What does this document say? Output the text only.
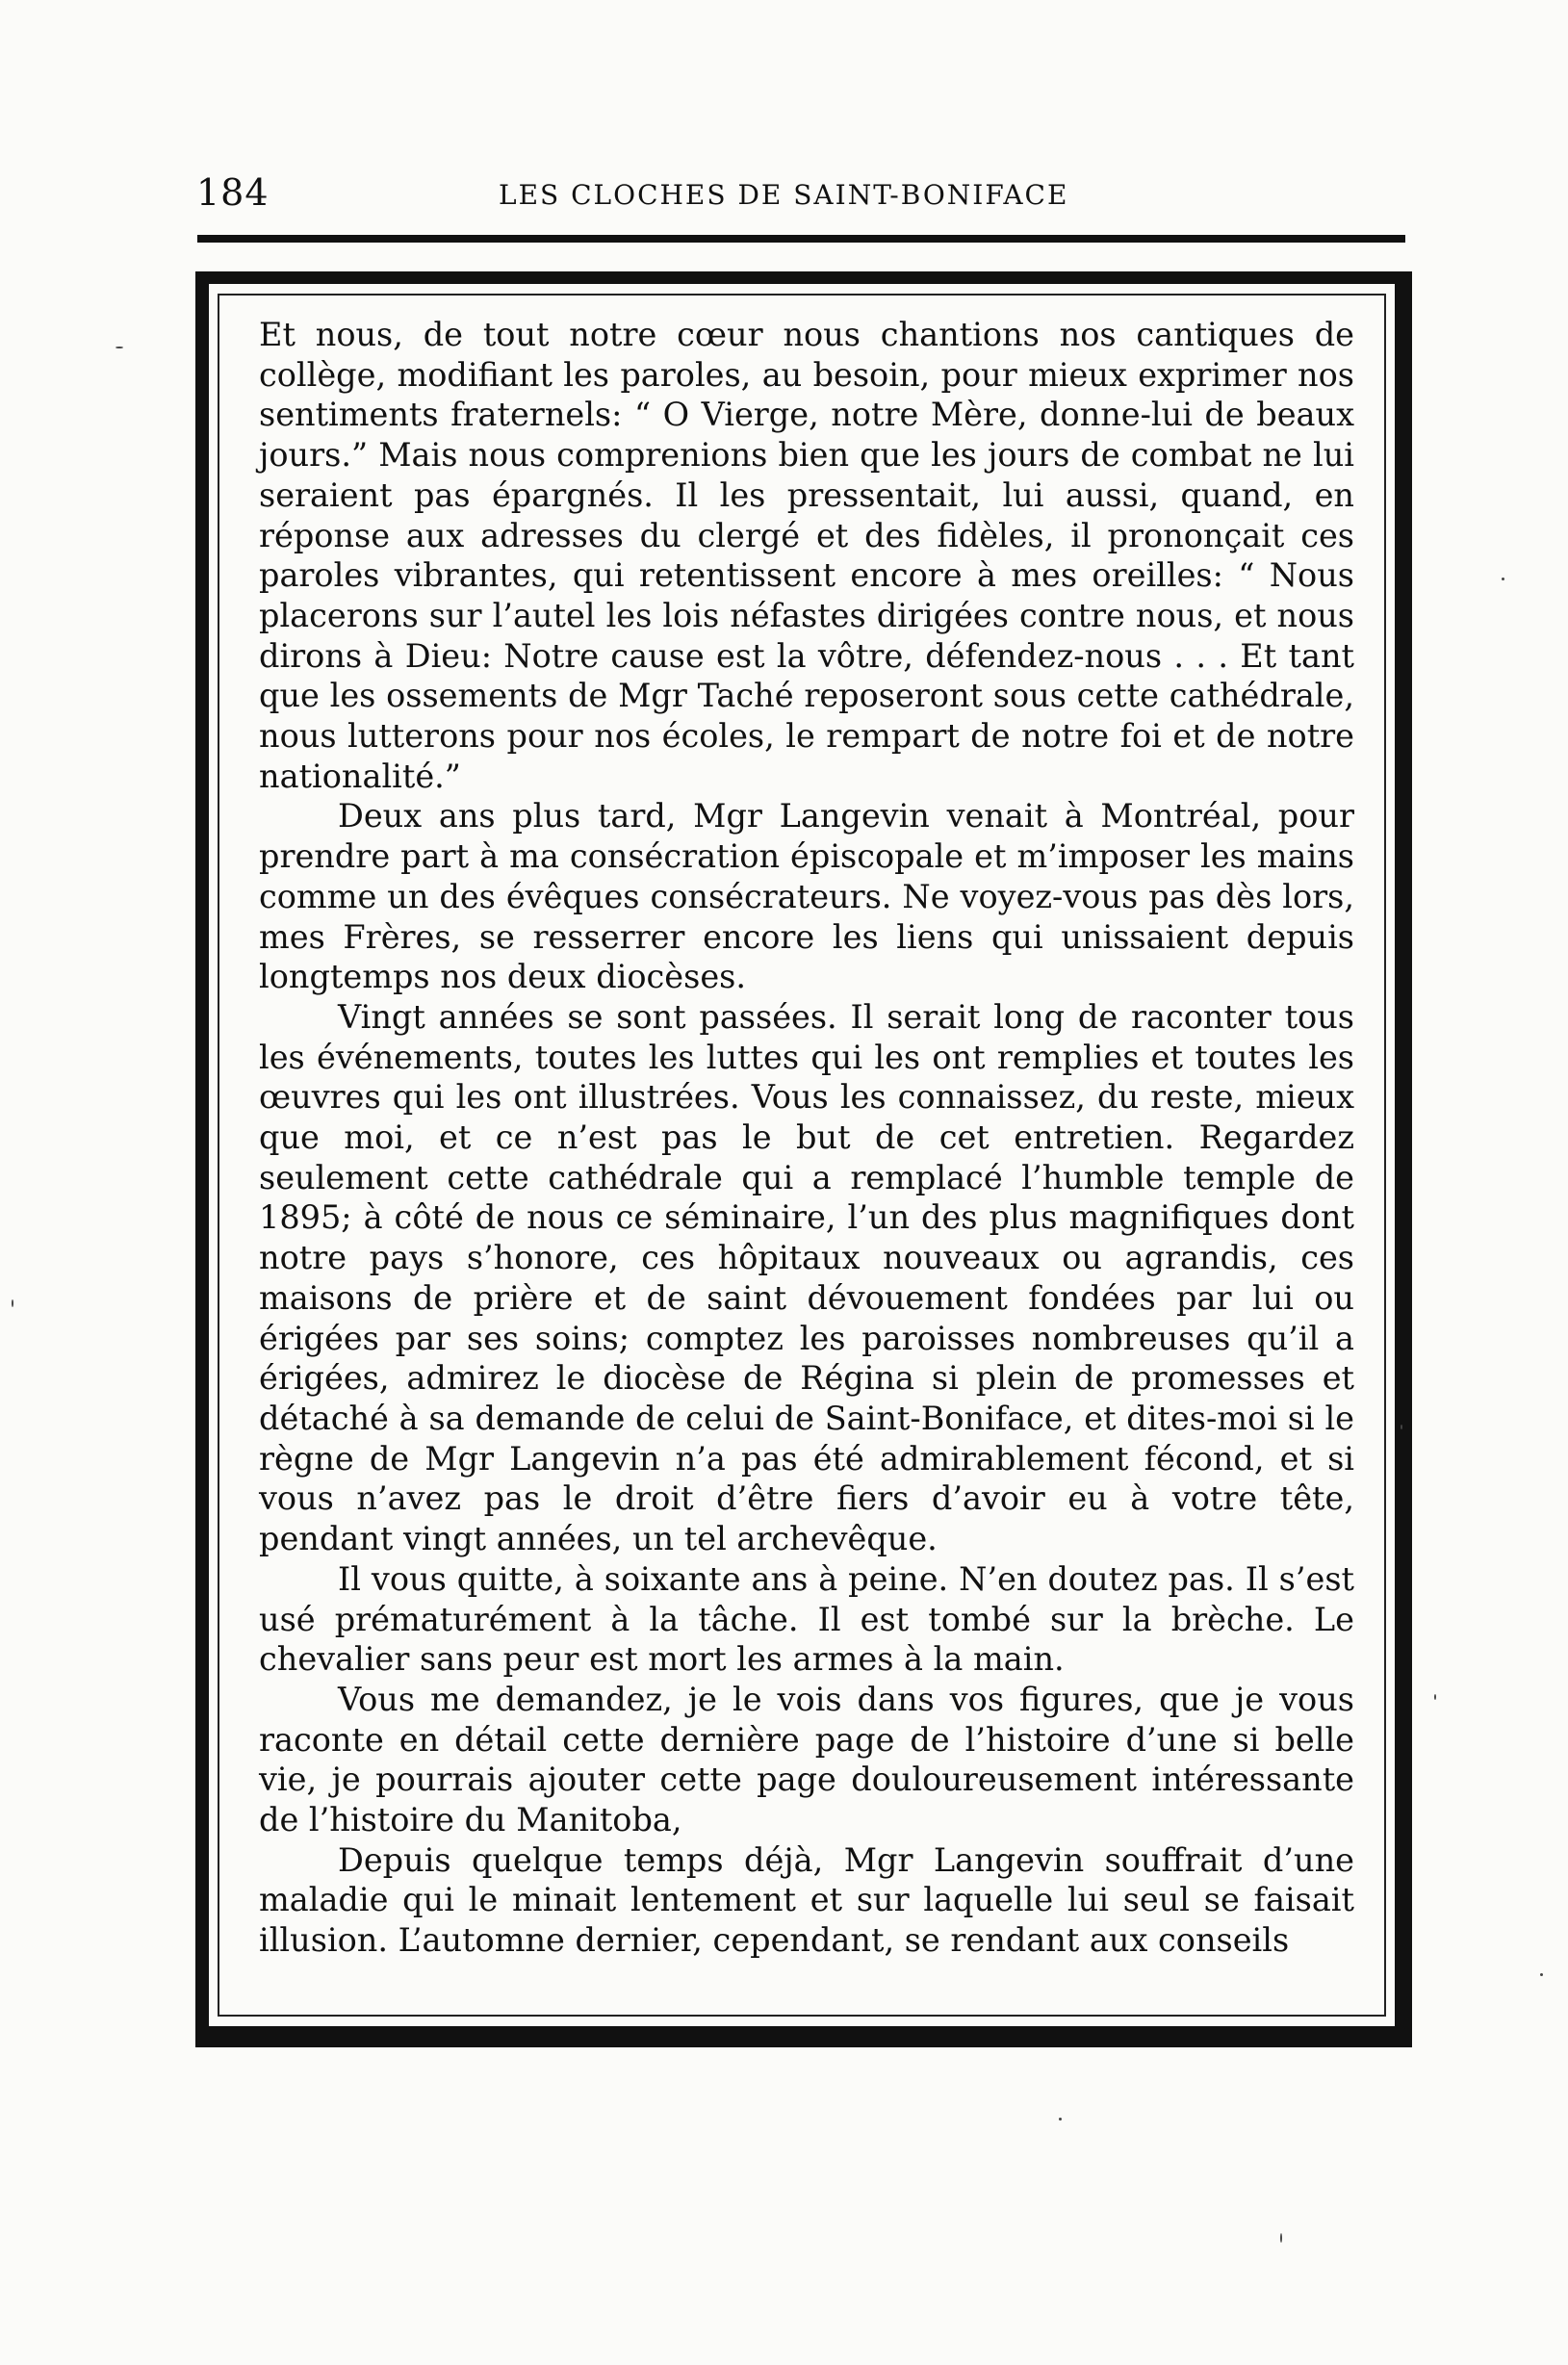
184	LES CLOCHES DE SAINT-BONIFACE

Et nous, de tout notre cœur nous chantions nos cantiques de collège, modifiant les paroles, au besoin, pour mieux exprimer nos sentiments fraternels: “ O Vierge, notre Mère, donne-lui de beaux jours.” Mais nous comprenions bien que les jours de combat ne lui seraient pas épargnés. Il les pressentait, lui aussi, quand, en réponse aux adresses du clergé et des fidèles, il prononçait ces paroles vibrantes, qui retentissent encore à mes oreilles: “ Nous placerons sur l’autel les lois néfastes dirigées contre nous, et nous dirons à Dieu: Notre cause est la vôtre, défendez-nous . . . Et tant que les ossements de Mgr Taché reposeront sous cette cathédrale, nous lutterons pour nos écoles, le rempart de notre foi et de notre nationalité.”

Deux ans plus tard, Mgr Langevin venait à Montréal, pour prendre part à ma consécration épiscopale et m’imposer les mains comme un des évêques consécrateurs. Ne voyez-vous pas dès lors, mes Frères, se resserrer encore les liens qui unissaient depuis longtemps nos deux diocèses.

Vingt années se sont passées. Il serait long de raconter tous les événements, toutes les luttes qui les ont remplies et toutes les œuvres qui les ont illustrées. Vous les connaissez, du reste, mieux que moi, et ce n’est pas le but de cet entretien. Regardez seulement cette cathédrale qui a remplacé l’humble temple de 1895; à côté de nous ce séminaire, l’un des plus magnifiques dont notre pays s’honore, ces hôpitaux nouveaux ou agrandis, ces maisons de prière et de saint dévouement fondées par lui ou érigées par ses soins; comptez les paroisses nombreuses qu’il a érigées, admirez le diocèse de Régina si plein de promesses et détaché à sa demande de celui de Saint-Boniface, et dites-moi si le règne de Mgr Langevin n’a pas été admirablement fécond, et si vous n’avez pas le droit d’être fiers d’avoir eu à votre tête, pendant vingt années, un tel archevêque.

Il vous quitte, à soixante ans à peine. N’en doutez pas. Il s’est usé prématurément à la tâche. Il est tombé sur la brèche. Le chevalier sans peur est mort les armes à la main.

Vous me demandez, je le vois dans vos figures, que je vous raconte en détail cette dernière page de l’histoire d’une si belle vie, je pourrais ajouter cette page douloureusement intéressante de l’histoire du Manitoba,

Depuis quelque temps déjà, Mgr Langevin souffrait d’une maladie qui le minait lentement et sur laquelle lui seul se faisait illusion. L’automne dernier, cependant, se rendant aux conseils
